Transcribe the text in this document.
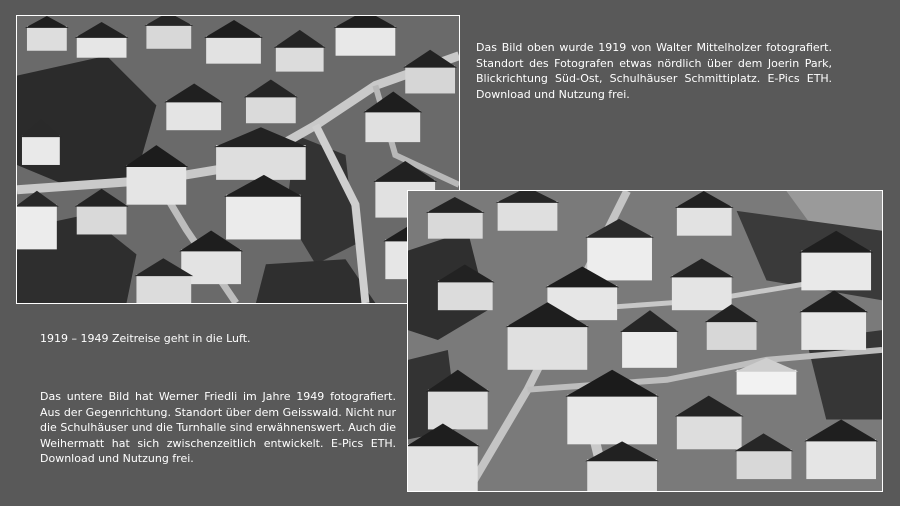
Das Bild oben wurde 1919 von Walter Mittelholzer fotografiert. Standort des Fotografen etwas nördlich über dem Joerin Park, Blickrichtung Süd-Ost, Schulhäuser Schmittiplatz. E-Pics ETH. Download und Nutzung frei.

1919 – 1949 Zeitreise geht in die Luft.

Das untere Bild hat Werner Friedli im Jahre 1949 fotografiert. Aus der Gegenrichtung. Standort über dem Geisswald. Nicht nur die Schulhäuser und die Turnhalle sind erwähnenswert. Auch die Weihermatt hat sich zwischenzeitlich entwickelt. E-Pics ETH. Download und Nutzung frei.
